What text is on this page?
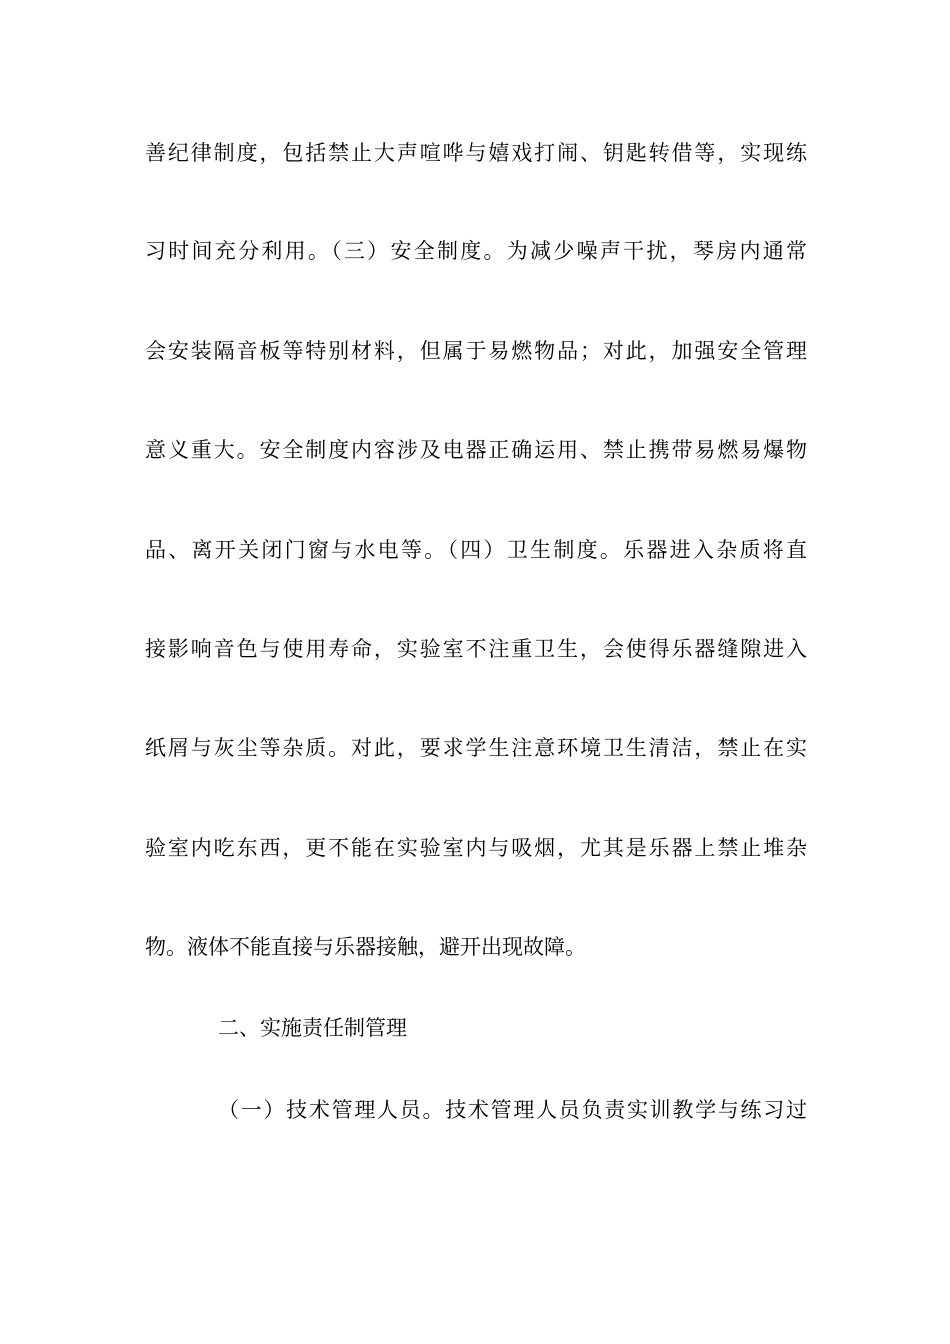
善纪律制度，包括禁止大声喧哗与嬉戏打闹、钥匙转借等，实现练
习时间充分利用。（三）安全制度。为减少噪声干扰，琴房内通常
会安装隔音板等特别材料，但属于易燃物品；对此，加强安全管理
意义重大。安全制度内容涉及电器正确运用、禁止携带易燃易爆物
品、离开关闭门窗与水电等。（四）卫生制度。乐器进入杂质将直
接影响音色与使用寿命，实验室不注重卫生，会使得乐器缝隙进入
纸屑与灰尘等杂质。对此，要求学生注意环境卫生清洁，禁止在实
验室内吃东西，更不能在实验室内与吸烟，尤其是乐器上禁止堆杂
物。液体不能直接与乐器接触，避开出现故障。
二、实施责任制管理
（一）技术管理人员。技术管理人员负责实训教学与练习过
